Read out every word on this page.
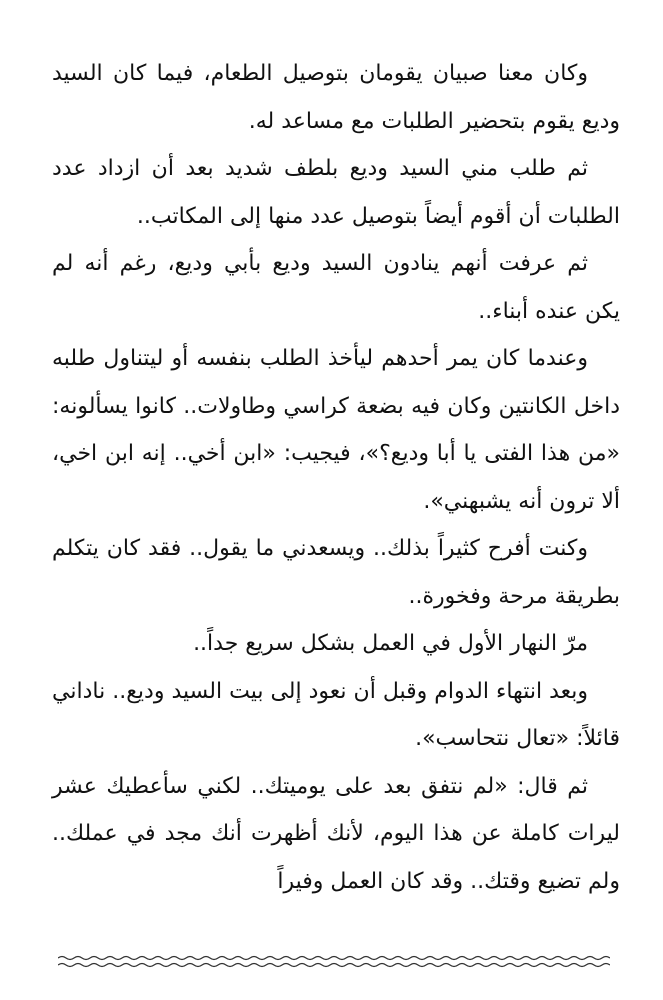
وكان معنا صبيان يقومان بتوصيل الطعام، فيما كان السيد وديع يقوم بتحضير الطلبات مع مساعد له.

ثم طلب مني السيد وديع بلطف شديد بعد أن ازداد عدد الطلبات أن أقوم أيضاً بتوصيل عدد منها إلى المكاتب..

ثم عرفت أنهم ينادون السيد وديع بأبي وديع، رغم أنه لم يكن عنده أبناء..

وعندما كان يمر أحدهم ليأخذ الطلب بنفسه أو ليتناول طلبه داخل الكانتين وكان فيه بضعة كراسي وطاولات.. كانوا يسألونه: «من هذا الفتى يا أبا وديع؟»، فيجيب: «ابن أخي.. إنه ابن اخي، ألا ترون أنه يشبهني».

وكنت أفرح كثيراً بذلك.. ويسعدني ما يقول.. فقد كان يتكلم بطريقة مرحة وفخورة..

مرّ النهار الأول في العمل بشكل سريع جداً..

وبعد انتهاء الدوام وقبل أن نعود إلى بيت السيد وديع.. ناداني قائلاً: «تعال نتحاسب».

ثم قال: «لم نتفق بعد على يوميتك.. لكني سأعطيك عشر ليرات كاملة عن هذا اليوم، لأنك أظهرت أنك مجد في عملك.. ولم تضيع وقتك.. وقد كان العمل وفيراً
